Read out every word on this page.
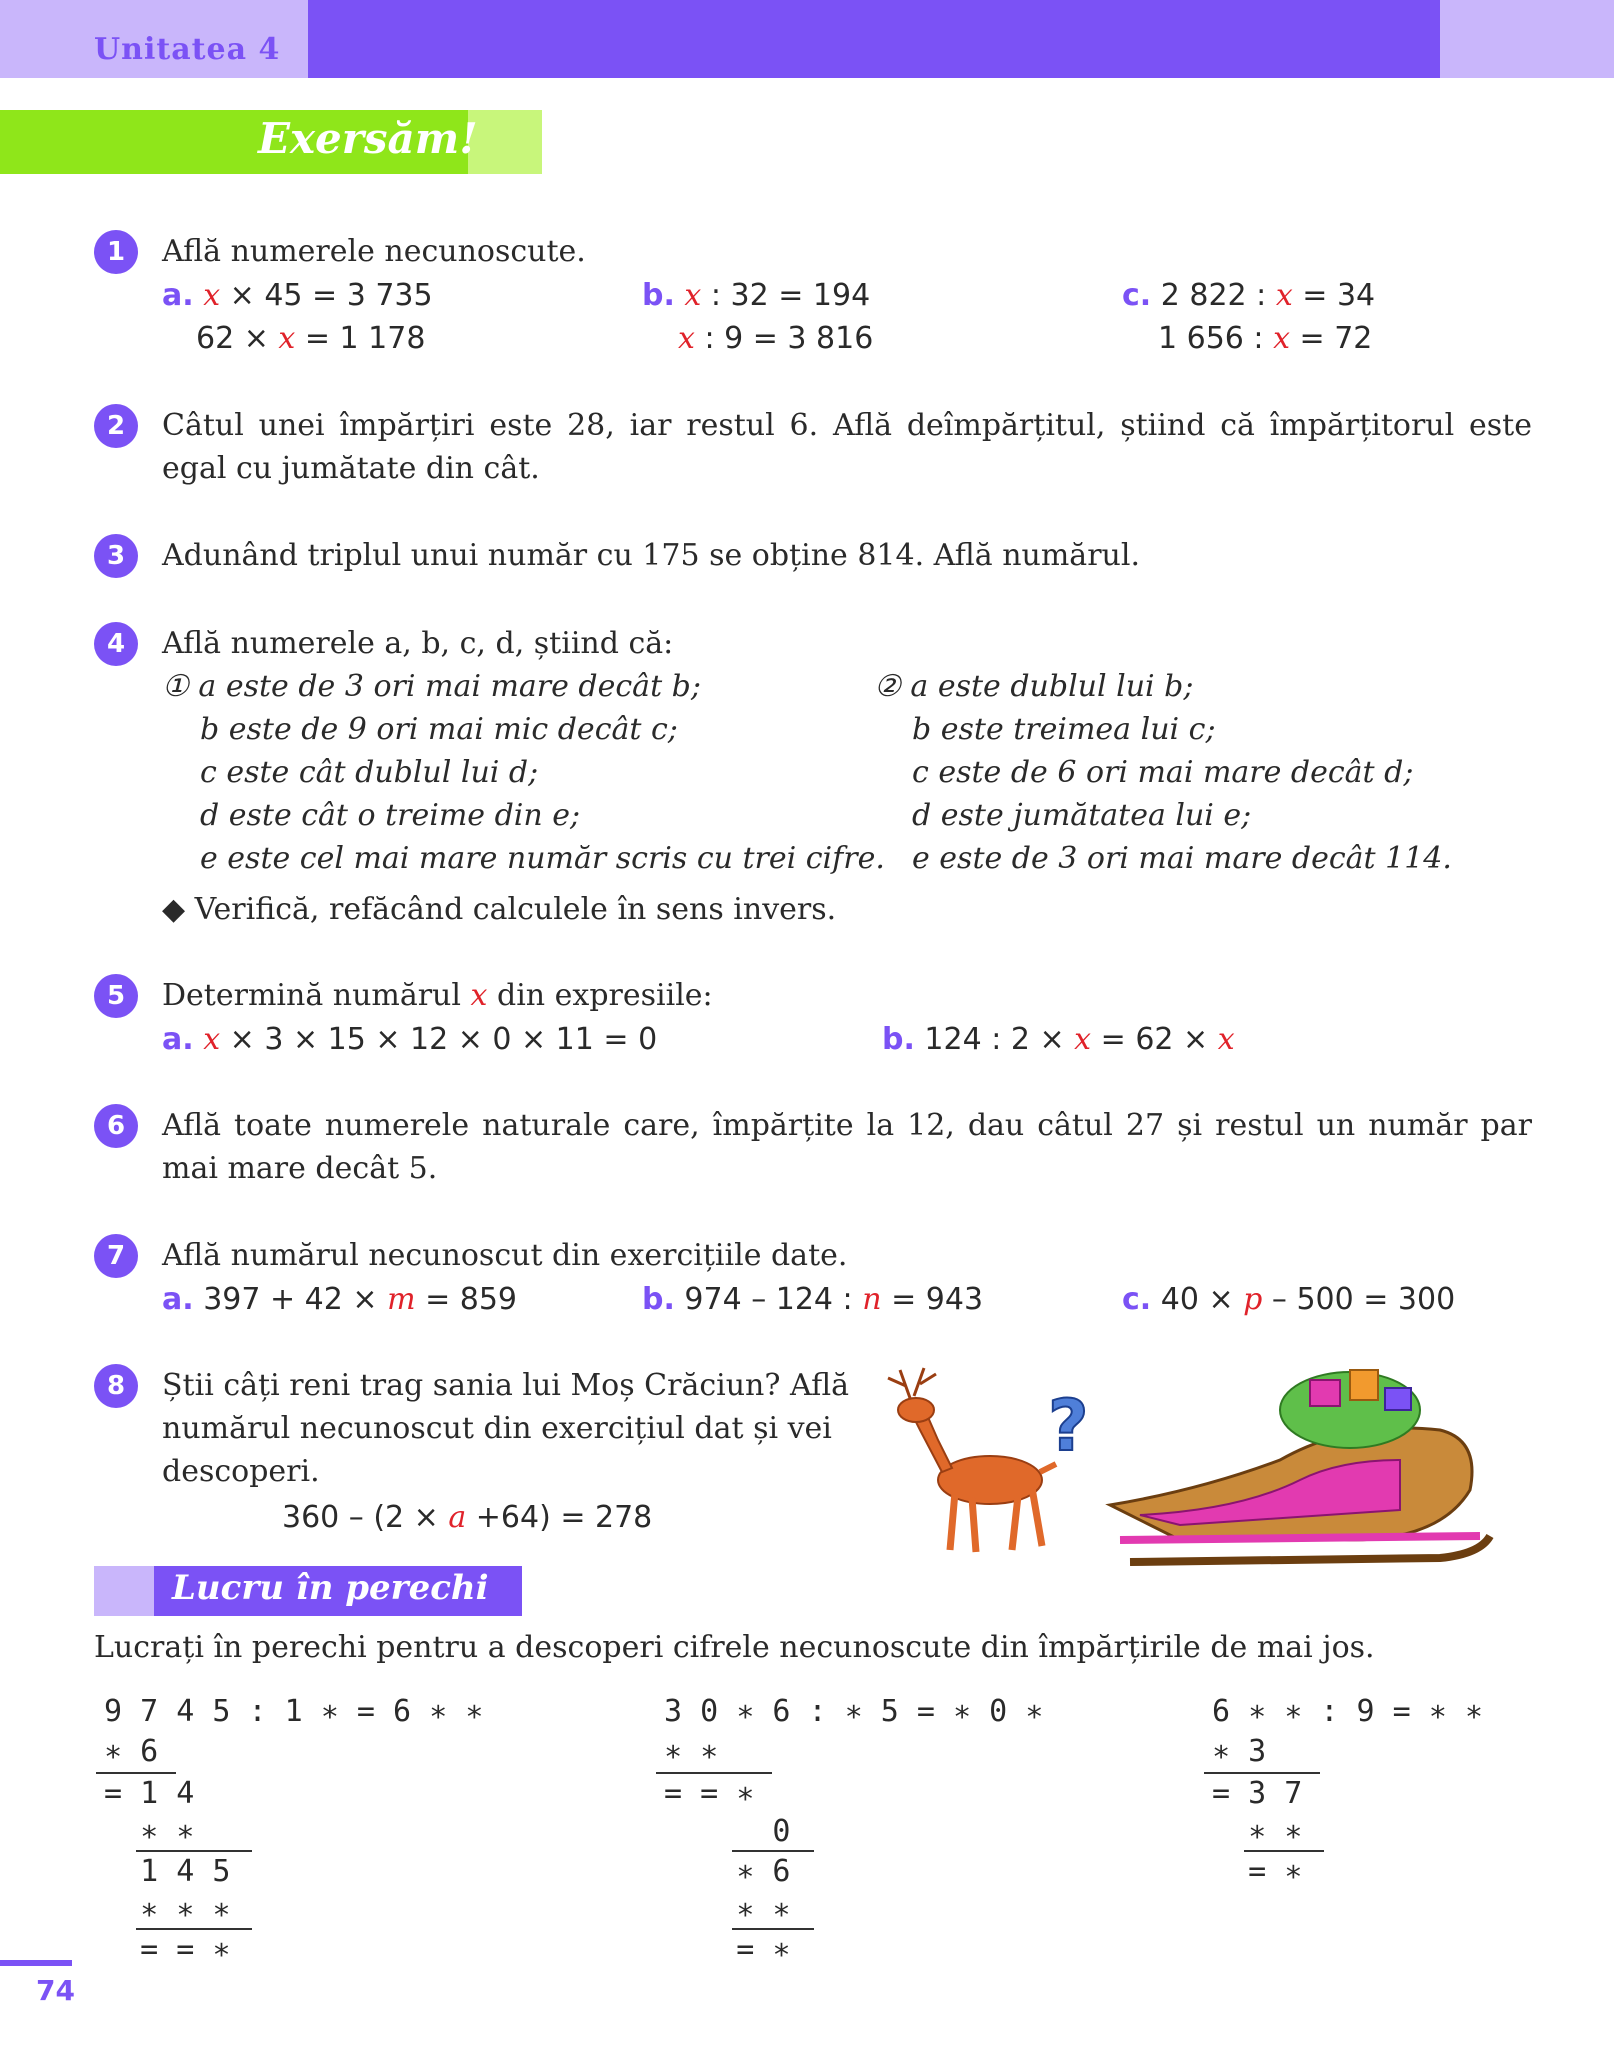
Unitatea 4
Exersăm!
1	Află numerele necunoscute.
a. x × 45 = 3 735
62 × x = 1 178
b. x : 32 = 194
x : 9 = 3 816
c. 2 822 : x = 34
1 656 : x = 72
2	Câtul unei împărțiri este 28, iar restul 6. Află deîmpărțitul, știind că împărțitorul este egal cu jumătate din cât.
3	Adunând triplul unui număr cu 175 se obține 814. Află numărul.
4	Află numerele a, b, c, d, știind că:
① a este de 3 ori mai mare decât b;
b este de 9 ori mai mic decât c;
c este cât dublul lui d;
d este cât o treime din e;
e este cel mai mare număr scris cu trei cifre.
② a este dublul lui b;
b este treimea lui c;
c este de 6 ori mai mare decât d;
d este jumătatea lui e;
e este de 3 ori mai mare decât 114.
◆ Verifică, refăcând calculele în sens invers.
5	Determină numărul x din expresiile:
a. x × 3 × 15 × 12 × 0 × 11 = 0	b. 124 : 2 × x = 62 × x
6	Află toate numerele naturale care, împărțite la 12, dau câtul 27 și restul un număr par mai mare decât 5.
7	Află numărul necunoscut din exercițiile date.
a. 397 + 42 × m = 859	b. 974 – 124 : n = 943	c. 40 × p – 500 = 300
8	Știi câți reni trag sania lui Moș Crăciun? Află
numărul necunoscut din exercițiul dat și vei
descoperi.
360 – (2 × a +64) = 278
?
Lucru în perechi
Lucrați în perechi pentru a descoperi cifrele necunoscute din împărțirile de mai jos.
9 7 4 5 : 1 ∗ = 6 ∗ ∗
∗ 6
= 1 4
∗ ∗
1 4 5
∗ ∗ ∗
= = ∗
3 0 ∗ 6 : ∗ 5 = ∗ 0 ∗
∗ ∗
= = ∗
0
∗ 6
∗ ∗
= ∗
6 ∗ ∗ : 9 = ∗ ∗
∗ 3
= 3 7
∗ ∗
= ∗
74
